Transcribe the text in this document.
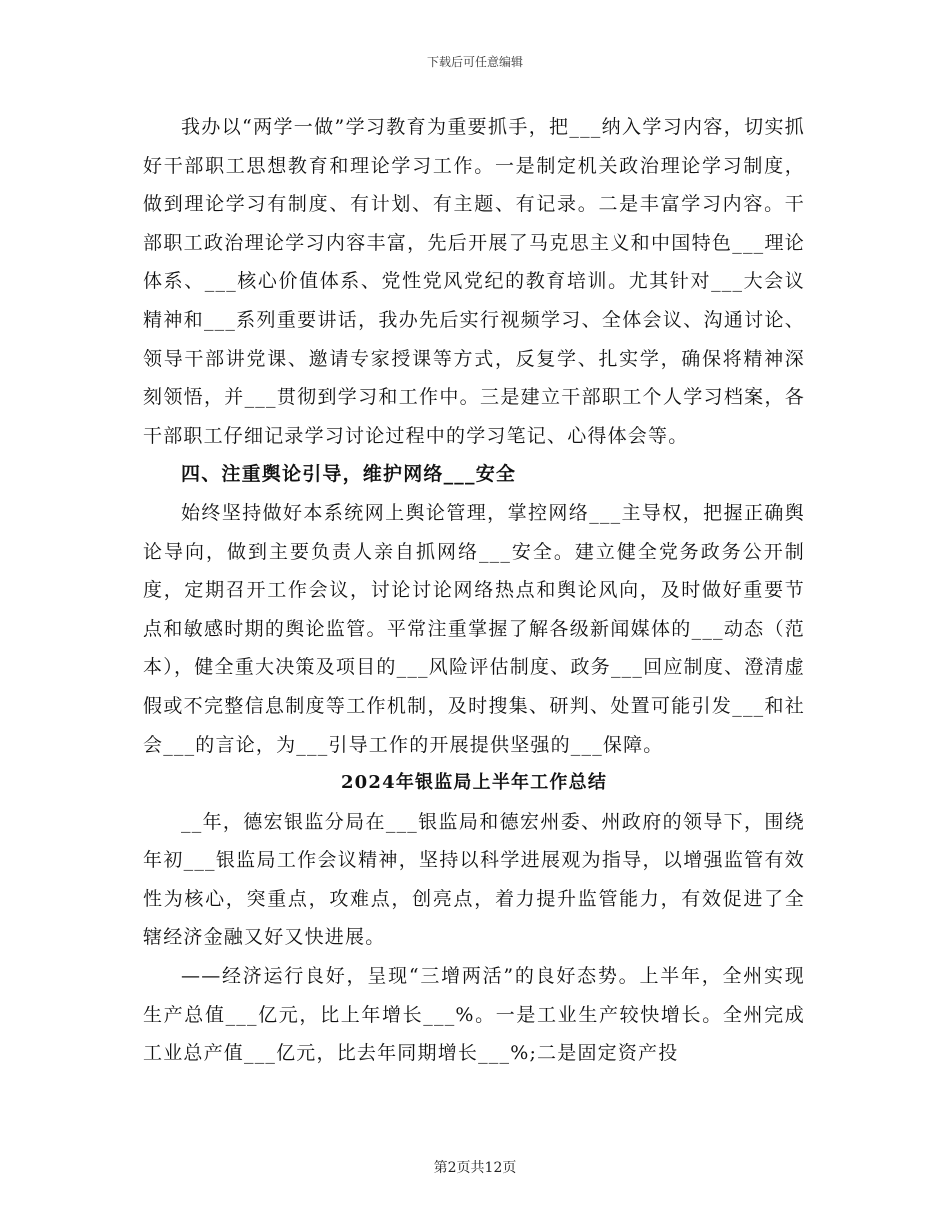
下载后可任意编辑

我办以“两学一做”学习教育为重要抓手，把___纳入学习内容，切实抓好干部职工思想教育和理论学习工作。一是制定机关政治理论学习制度，做到理论学习有制度、有计划、有主题、有记录。二是丰富学习内容。干部职工政治理论学习内容丰富，先后开展了马克思主义和中国特色___理论体系、___核心价值体系、党性党风党纪的教育培训。尤其针对___大会议精神和___系列重要讲话，我办先后实行视频学习、全体会议、沟通讨论、领导干部讲党课、邀请专家授课等方式，反复学、扎实学，确保将精神深刻领悟，并___贯彻到学习和工作中。三是建立干部职工个人学习档案，各干部职工仔细记录学习讨论过程中的学习笔记、心得体会等。

四、注重舆论引导，维护网络___安全

始终坚持做好本系统网上舆论管理，掌控网络___主导权，把握正确舆论导向，做到主要负责人亲自抓网络___安全。建立健全党务政务公开制度，定期召开工作会议，讨论讨论网络热点和舆论风向，及时做好重要节点和敏感时期的舆论监管。平常注重掌握了解各级新闻媒体的___动态（范本），健全重大决策及项目的___风险评估制度、政务___回应制度、澄清虚假或不完整信息制度等工作机制，及时搜集、研判、处置可能引发___和社会___的言论，为___引导工作的开展提供坚强的___保障。

2024年银监局上半年工作总结

__年，德宏银监分局在___银监局和德宏州委、州政府的领导下，围绕年初___银监局工作会议精神，坚持以科学进展观为指导，以增强监管有效性为核心，突重点，攻难点，创亮点，着力提升监管能力，有效促进了全辖经济金融又好又快进展。

——经济运行良好，呈现“三增两活”的良好态势。上半年，全州实现生产总值___亿元，比上年增长___%。一是工业生产较快增长。全州完成工业总产值___亿元，比去年同期增长___%;二是固定资产投

第2页共12页
